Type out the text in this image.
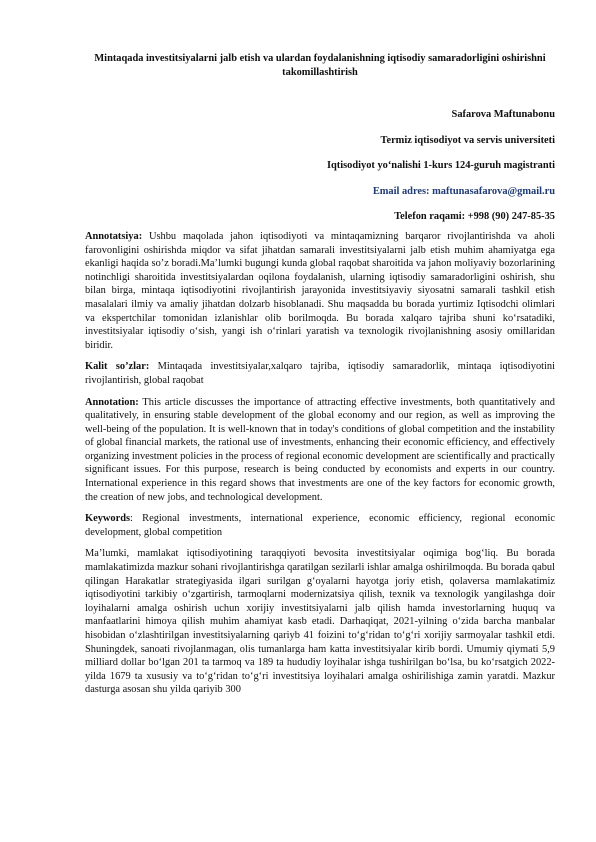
Mintaqada investitsiyalarni jalb etish va ulardan foydalanishning iqtisodiy samaradorligini oshirishni takomillashtirish

Safarova Maftunabonu

Termiz iqtisodiyot va servis universiteti

Iqtisodiyot yo‘nalishi 1-kurs 124-guruh magistranti

Email adres: maftunasafarova@gmail.ru

Telefon raqami: +998 (90) 247-85-35

Annotatsiya: Ushbu maqolada jahon iqtisodiyoti va mintaqamizning barqaror rivojlantirishda va aholi farovonligini oshirishda miqdor va sifat jihatdan samarali investitsiyalarni jalb etish muhim ahamiyatga ega ekanligi haqida so’z boradi.Ma’lumki bugungi kunda global raqobat sharoitida va jahon moliyaviy bozorlarining notinchligi sharoitida investitsiyalardan oqilona foydalanish, ularning iqtisodiy samaradorligini oshirish, shu bilan birga, mintaqa iqtisodiyotini rivojlantirish jarayonida investitsiyaviy siyosatni samarali tashkil etish masalalari ilmiy va amaliy jihatdan dolzarb hisoblanadi. Shu maqsadda bu borada yurtimiz Iqtisodchi olimlari va ekspertchilar tomonidan izlanishlar olib borilmoqda. Bu borada xalqaro tajriba shuni ko‘rsatadiki, investitsiyalar iqtisodiy o‘sish, yangi ish o‘rinlari yaratish va texnologik rivojlanishning asosiy omillaridan biridir.

Kalit so’zlar: Mintaqada investitsiyalar,xalqaro tajriba, iqtisodiy samaradorlik, mintaqa iqtisodiyotini rivojlantirish, global raqobat

Annotation: This article discusses the importance of attracting effective investments, both quantitatively and qualitatively, in ensuring stable development of the global economy and our region, as well as improving the well-being of the population. It is well-known that in today's conditions of global competition and the instability of global financial markets, the rational use of investments, enhancing their economic efficiency, and effectively organizing investment policies in the process of regional economic development are scientifically and practically significant issues. For this purpose, research is being conducted by economists and experts in our country. International experience in this regard shows that investments are one of the key factors for economic growth, the creation of new jobs, and technological development.

Keywords: Regional investments, international experience, economic efficiency, regional economic development, global competition

Ma’lumki, mamlakat iqtisodiyotining taraqqiyoti bevosita investitsiyalar oqimiga bog‘liq. Bu borada mamlakatimizda mazkur sohani rivojlantirishga qaratilgan sezilarli ishlar amalga oshirilmoqda. Bu borada qabul qilingan Harakatlar strategiyasida ilgari surilgan g‘oyalarni hayotga joriy etish, qolaversa mamlakatimiz iqtisodiyotini tarkibiy o‘zgartirish, tarmoqlarni modernizatsiya qilish, texnik va texnologik yangilashga doir loyihalarni amalga oshirish uchun xorijiy investitsiyalarni jalb qilish hamda investorlarning huquq va manfaatlarini himoya qilish muhim ahamiyat kasb etadi. Darhaqiqat, 2021-yilning o‘zida barcha manbalar hisobidan o‘zlashtirilgan investitsiyalarning qariyb 41 foizini to‘g‘ridan to‘g‘ri xorijiy sarmoyalar tashkil etdi. Shuningdek, sanoati rivojlanmagan, olis tumanlarga ham katta investitsiyalar kirib bordi. Umumiy qiymati 5,9 milliard dollar bo‘lgan 201 ta tarmoq va 189 ta hududiy loyihalar ishga tushirilgan bo‘lsa, bu ko‘rsatgich 2022-yilda 1679 ta xususiy va to‘g‘ridan to‘g‘ri investitsiya loyihalari amalga oshirilishiga zamin yaratdi. Mazkur dasturga asosan shu yilda qariyib 300
